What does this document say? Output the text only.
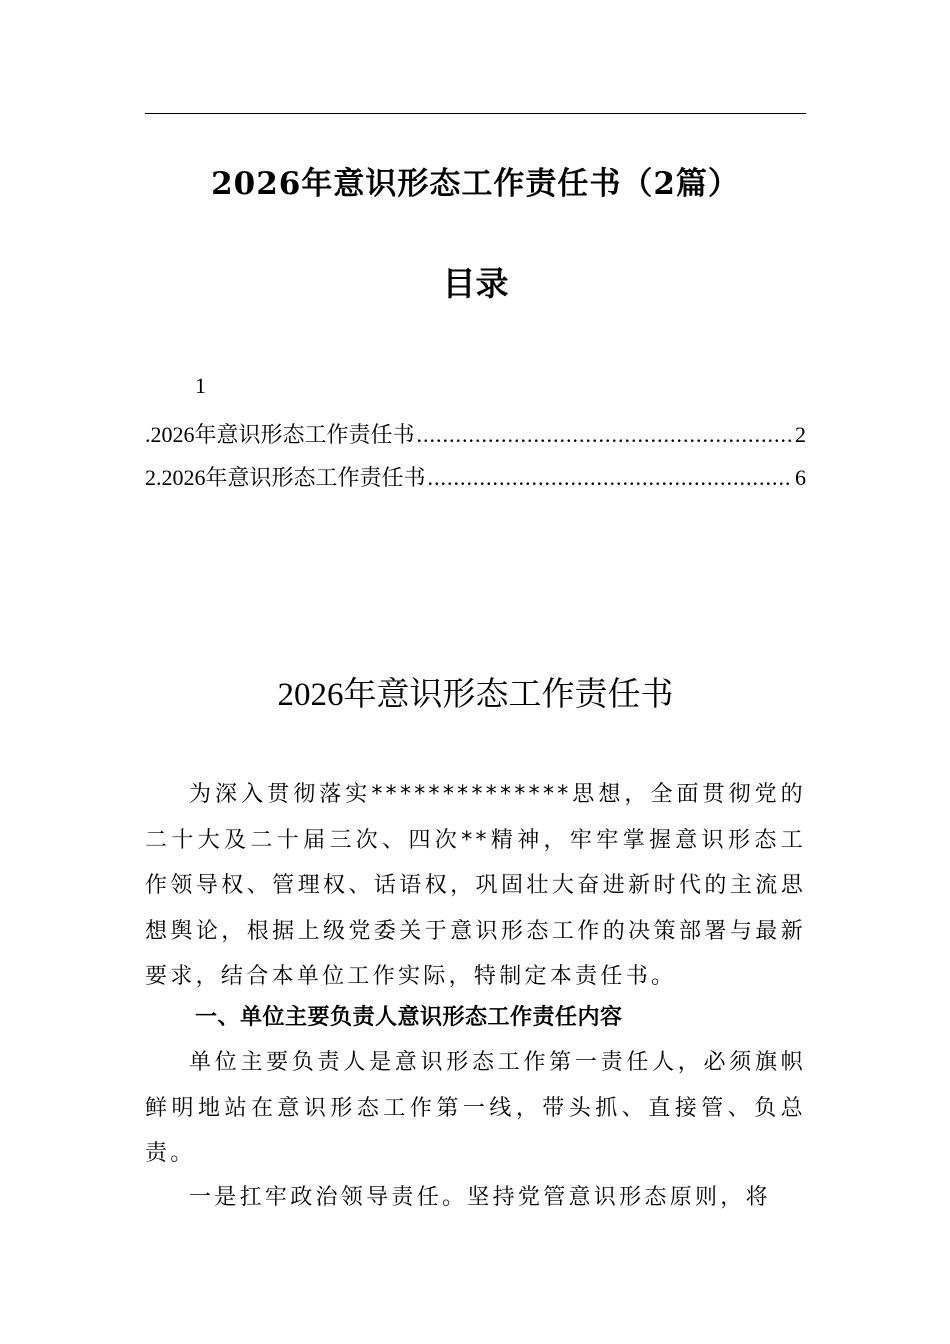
2026年意识形态工作责任书（2篇）
目录
1
.2026年意识形态工作责任书 .....	2
2.2026年意识形态工作责任书 .....	6
2026年意识形态工作责任书

为深入贯彻落实**************思想，全面贯彻党的二十大及二十届三次、四次**精神，牢牢掌握意识形态工作领导权、管理权、话语权，巩固壮大奋进新时代的主流思想舆论，根据上级党委关于意识形态工作的决策部署与最新要求，结合本单位工作实际，特制定本责任书。

一、单位主要负责人意识形态工作责任内容

单位主要负责人是意识形态工作第一责任人，必须旗帜鲜明地站在意识形态工作第一线，带头抓、直接管、负总责。

一是扛牢政治领导责任。坚持党管意识形态原则，将
